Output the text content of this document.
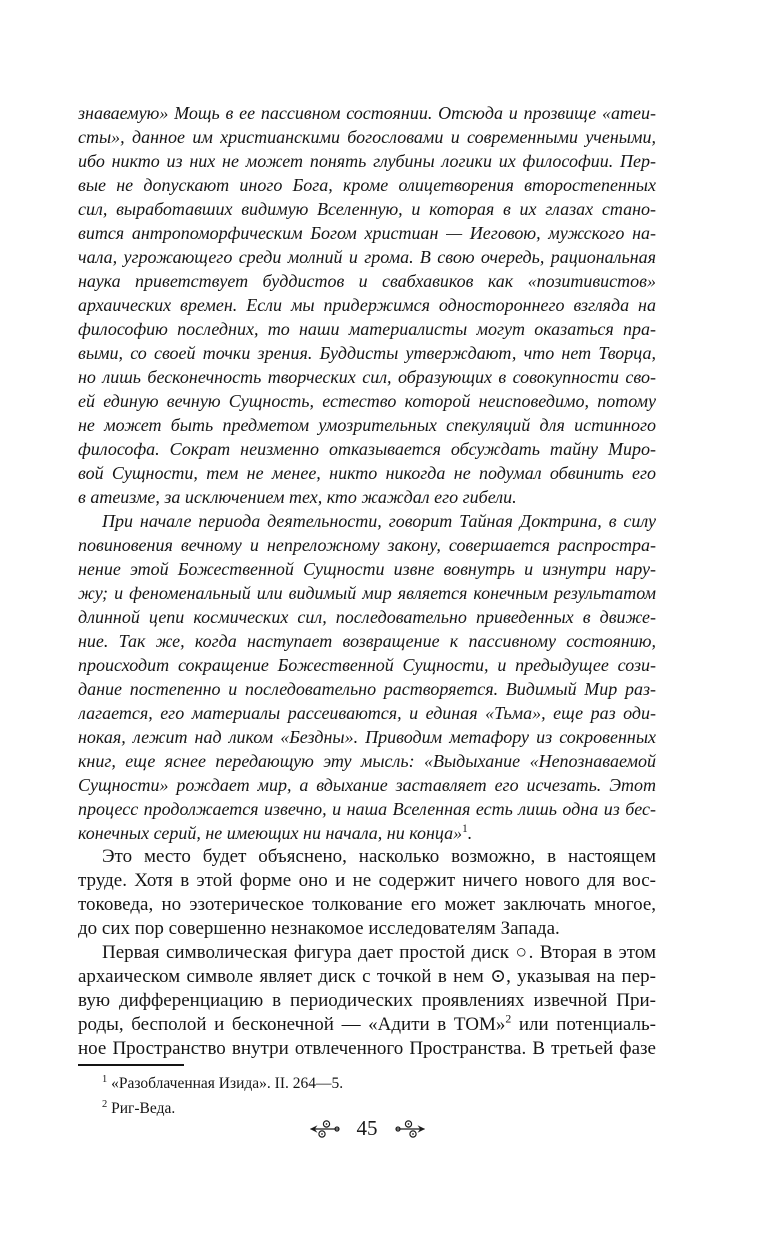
знаваемую» Мощь в ее пассивном состоянии. Отсюда и прозвище «атеи-
сты», данное им христианскими богословами и современными учеными,
ибо никто из них не может понять глубины логики их философии. Пер-
вые не допускают иного Бога, кроме олицетворения второстепенных
сил, выработавших видимую Вселенную, и которая в их глазах стано-
вится антропоморфическим Богом христиан — Иеговою, мужского на-
чала, угрожающего среди молний и грома. В свою очередь, рациональная
наука приветствует буддистов и свабхавиков как «позитивистов»
архаических времен. Если мы придержимся одностороннего взгляда на
философию последних, то наши материалисты могут оказаться пра-
выми, со своей точки зрения. Буддисты утверждают, что нет Творца,
но лишь бесконечность творческих сил, образующих в совокупности сво-
ей единую вечную Сущность, естество которой неисповедимо, потому
не может быть предметом умозрительных спекуляций для истинного
философа. Сократ неизменно отказывается обсуждать тайну Миро-
вой Сущности, тем не менее, никто никогда не подумал обвинить его
в атеизме, за исключением тех, кто жаждал его гибели.
При начале периода деятельности, говорит Тайная Доктрина, в силу
повиновения вечному и непреложному закону, совершается распростра-
нение этой Божественной Сущности извне вовнутрь и изнутри нару-
жу; и феноменальный или видимый мир является конечным результатом
длинной цепи космических сил, последовательно приведенных в движе-
ние. Так же, когда наступает возвращение к пассивному состоянию,
происходит сокращение Божественной Сущности, и предыдущее сози-
дание постепенно и последовательно растворяется. Видимый Мир раз-
лагается, его материалы рассеиваются, и единая «Тьма», еще раз оди-
нокая, лежит над ликом «Бездны». Приводим метафору из сокровенных
книг, еще яснее передающую эту мысль: «Выдыхание «Непознаваемой
Сущности» рождает мир, а вдыхание заставляет его исчезать. Этот
процесс продолжается извечно, и наша Вселенная есть лишь одна из бес-
конечных серий, не имеющих ни начала, ни конца»$^1$.
Это место будет объяснено, насколько возможно, в настоящем
труде. Хотя в этой форме оно и не содержит ничего нового для вос-
токоведа, но эзотерическое толкование его может заключать многое,
до сих пор совершенно незнакомое исследователям Запада.
Первая символическая фигура дает простой диск ○. Вторая в этом
архаическом символе являет диск с точкой в нем ⊙, указывая на пер-
вую дифференциацию в периодических проявлениях извечной При-
роды, бесполой и бесконечной — «Адити в ТОМ»$^2$ или потенциаль-
ное Пространство внутри отвлеченного Пространства. В третьей фазе
$^1$ «Разоблаченная Изида». II. 264—5.
$^2$ Риг-Веда.
45
